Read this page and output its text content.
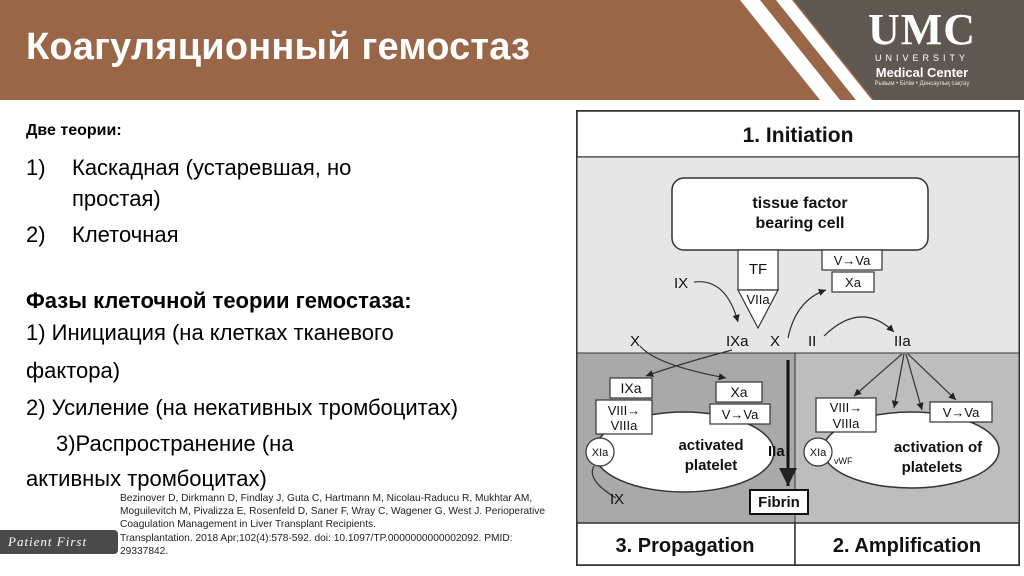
Коагуляционный гемостаз	UMC
UNIVERSITY
Medical Center
Рывым • Білім • Денсаулық сақтау
Две теории:
1) Каскадная (устаревшая, но
простая)
2) Клеточная
Фазы клеточной теории гемостаза:
1) Инициация (на клетках тканевого
фактора)
2) Усиление (на некативных тромбоцитах)
3)Распространение (на
активных тромбоцитах)

Bezinover D, Dirkmann D, Findlay J, Guta C, Hartmann M, Nicolau-Raducu R, Mukhtar AM, Moguilevitch M, Pivalizza E, Rosenfeld D, Saner F, Wray C, Wagener G, West J. Perioperative Coagulation Management in Liver Transplant Recipients.

Transplantation. 2018 Apr;102(4):578-592. doi: 10.1097/TP.0000000000002092. PMID: 29337842.

Patient First
1. Initiation
3. Propagation	2. Amplification
tissue factor
bearing cell
TF
VIIa
IX
V→Va
Xa
X	IXa X II	IIa
activated
platelet
IXa
VIII→
VIIIa
Xa
V→Va
XIa
IX
IIa
Fibrin
activation of
platelets
VIII→
VIIIa
V→Va
XIa
vWF
